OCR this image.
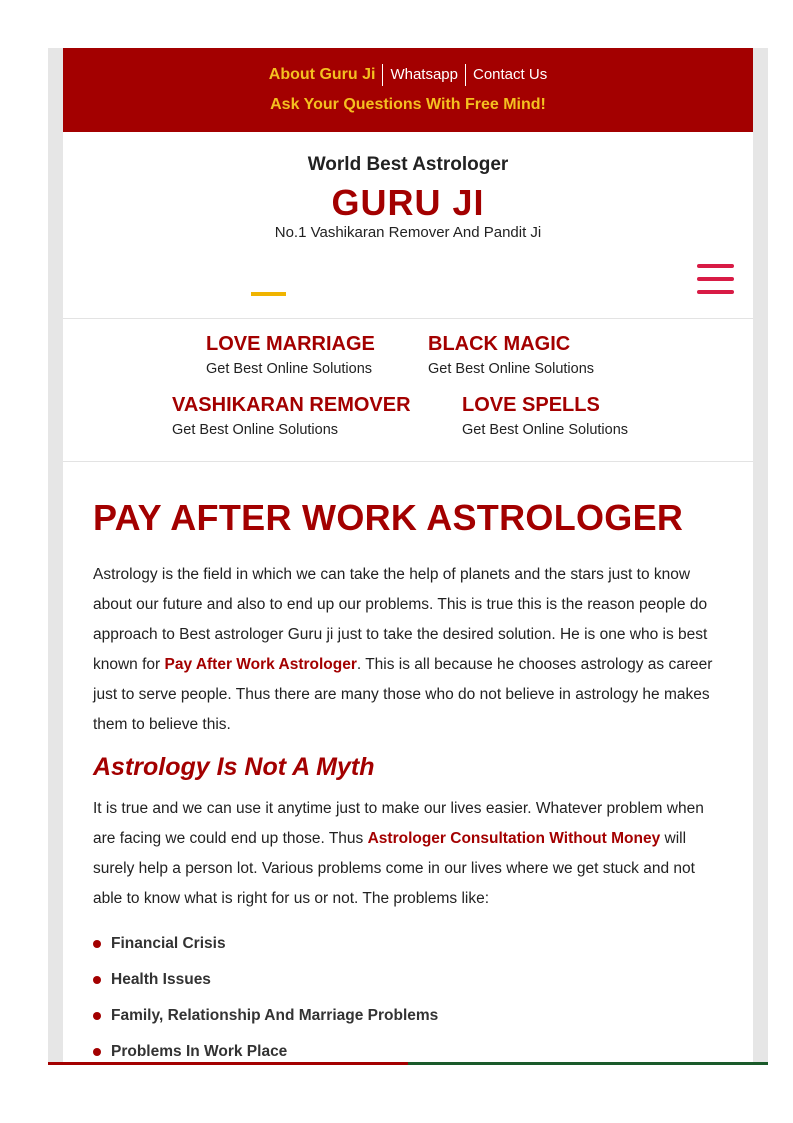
About Guru Ji Whatsapp Contact Us
Ask Your Questions With Free Mind!
World Best Astrologer
GURU JI
No.1 Vashikaran Remover And Pandit Ji
LOVE MARRIAGE
Get Best Online Solutions
BLACK MAGIC
Get Best Online Solutions
VASHIKARAN REMOVER
Get Best Online Solutions
LOVE SPELLS
Get Best Online Solutions
PAY AFTER WORK ASTROLOGER

Astrology is the field in which we can take the help of planets and the stars just to know about our future and also to end up our problems. This is true this is the reason people do approach to Best astrologer Guru ji just to take the desired solution. He is one who is best known for Pay After Work Astrologer. This is all because he chooses astrology as career just to serve people. Thus there are many those who do not believe in astrology he makes them to believe this.

Astrology Is Not A Myth

It is true and we can use it anytime just to make our lives easier. Whatever problem when are facing we could end up those. Thus Astrologer Consultation Without Money will surely help a person lot. Various problems come in our lives where we get stuck and not able to know what is right for us or not. The problems like:

Financial Crisis
Health Issues
Family, Relationship And Marriage Problems
Problems In Work Place
